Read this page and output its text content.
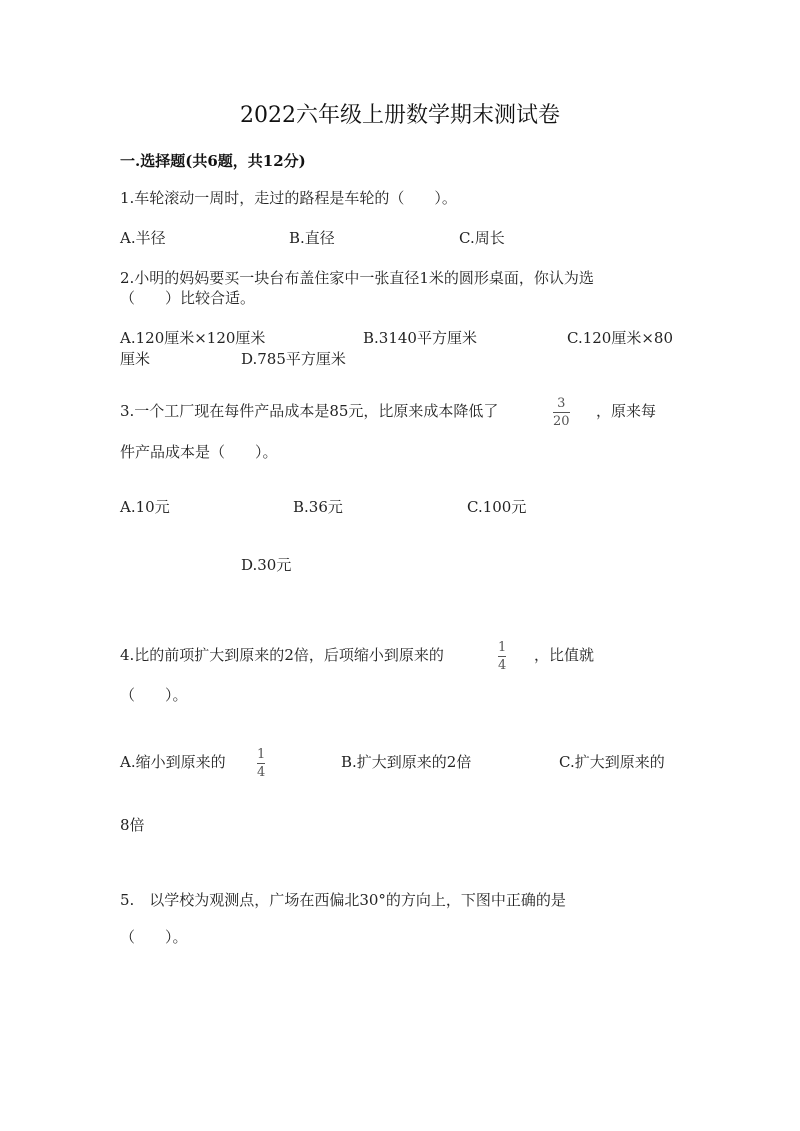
2022六年级上册数学期末测试卷
一.选择题(共6题，共12分)
1.车轮滚动一周时，走过的路程是车轮的（　　）。
A.半径	B.直径	C.周长
2.小明的妈妈要买一块台布盖住家中一张直径1米的圆形桌面，你认为选
（　　）比较合适。
A.120厘米×120厘米	B.3140平方厘米	C.120厘米×80
厘米	D.785平方厘米
3.一个工厂现在每件产品成本是85元，比原来成本降低了	3
20
，原来每
件产品成本是（　　）。
A.10元	B.36元	C.100元
D.30元
4.比的前项扩大到原来的2倍，后项缩小到原来的	1
4
，比值就
（　　）。
A.缩小到原来的 1
4
B.扩大到原来的2倍	C.扩大到原来的
8倍
5.　以学校为观测点，广场在西偏北30°的方向上，下图中正确的是
（　　）。
